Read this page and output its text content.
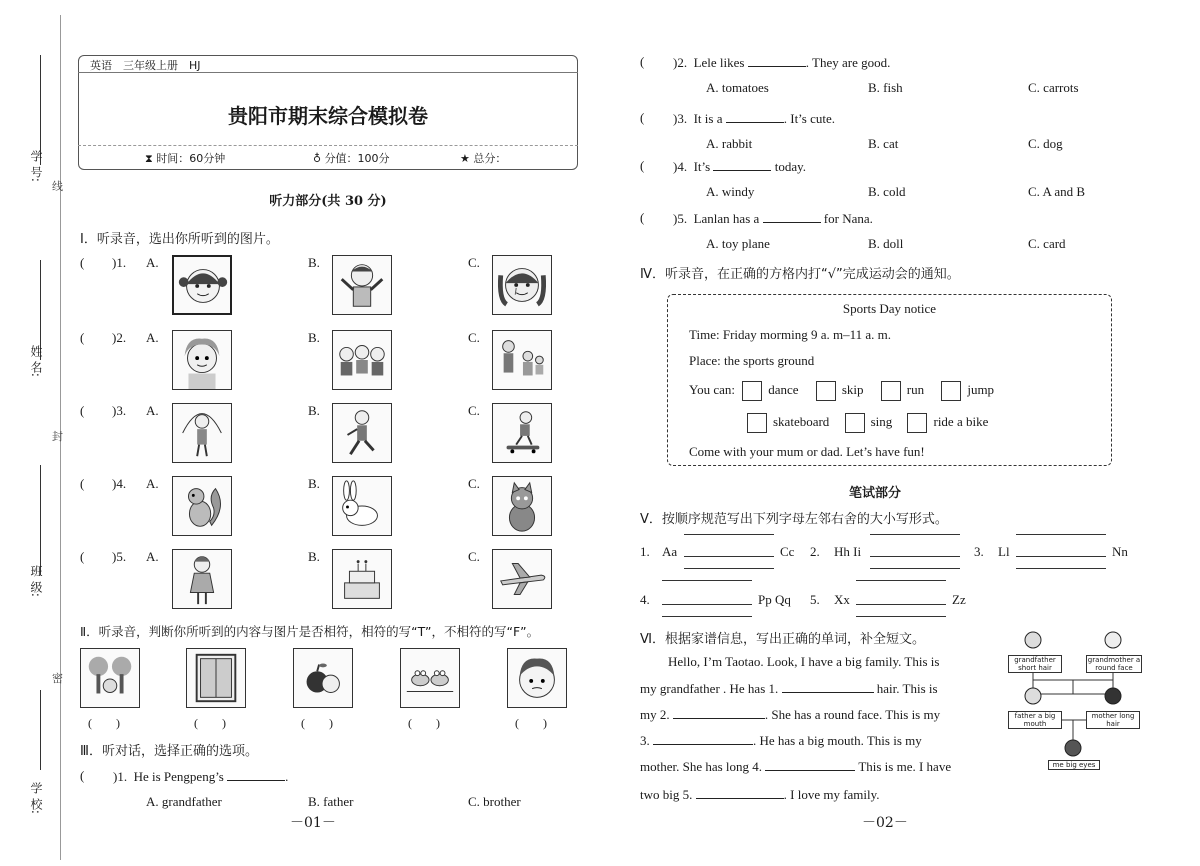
学 号:
姓 名:
班 级:
学 校:
线
封
密
英语　三年级上册　HJ
贵阳市期末综合模拟卷
⧗ 时间：60分钟	♁ 分值：100分	★ 总分：
听力部分(共 30 分)
Ⅰ．听录音，选出你所听到的图片。
( )1. A.	B.	C.
( )2. A.	B.	C.
( )3. A.	B.	C.
( )4. A.	B.	C.
( )5. A.	B.	C.
Ⅱ．听录音，判断你所听到的内容与图片是否相符，相符的写“T”，不相符的写“F”。
(　　)	(　　)	(　　)	(　　)	(　　)
Ⅲ．听对话，选择正确的选项。
( )1. He is Pengpeng’s	.
A. grandfather	B. father	C. brother
－01－
( )2. Lele likes	. They are good.
A. tomatoes	B. fish	C. carrots
( )3. It is a	. It’s cute.
A. rabbit	B. cat	C. dog
( )4. It’s	today.
A. windy	B. cold	C. A and B
( )5. Lanlan has a	for Nana.
A. toy plane	B. doll	C. card
Ⅳ．听录音，在正确的方格内打“√”完成运动会的通知。
Sports Day notice
Time: Friday morming 9 a. m–11 a. m.
Place: the sports ground
You can:	dance	skip	run	jump
skateboard	sing	ride a bike
Come with your mum or dad. Let’s have fun!
笔试部分
Ⅴ．按顺序规范写出下列字母左邻右舍的大小写形式。
1. Aa	Cc 2. Hh Ii	3. Ll	Nn
4.	Pp Qq 5. Xx	Zz
Ⅵ．根据家谱信息，写出正确的单词，补全短文。
Hello, I’m Taotao. Look, I have a big family. This is
my grandfather . He has 1.	hair. This is
my 2.	. She has a round face. This is my
3.	. He has a big mouth. This is my
mother. She has long 4.	This is me. I have
two big 5.	. I love my family.
grandfather short hair
grandmother a round face
father a big mouth
mother long hair
me big eyes
－02－
